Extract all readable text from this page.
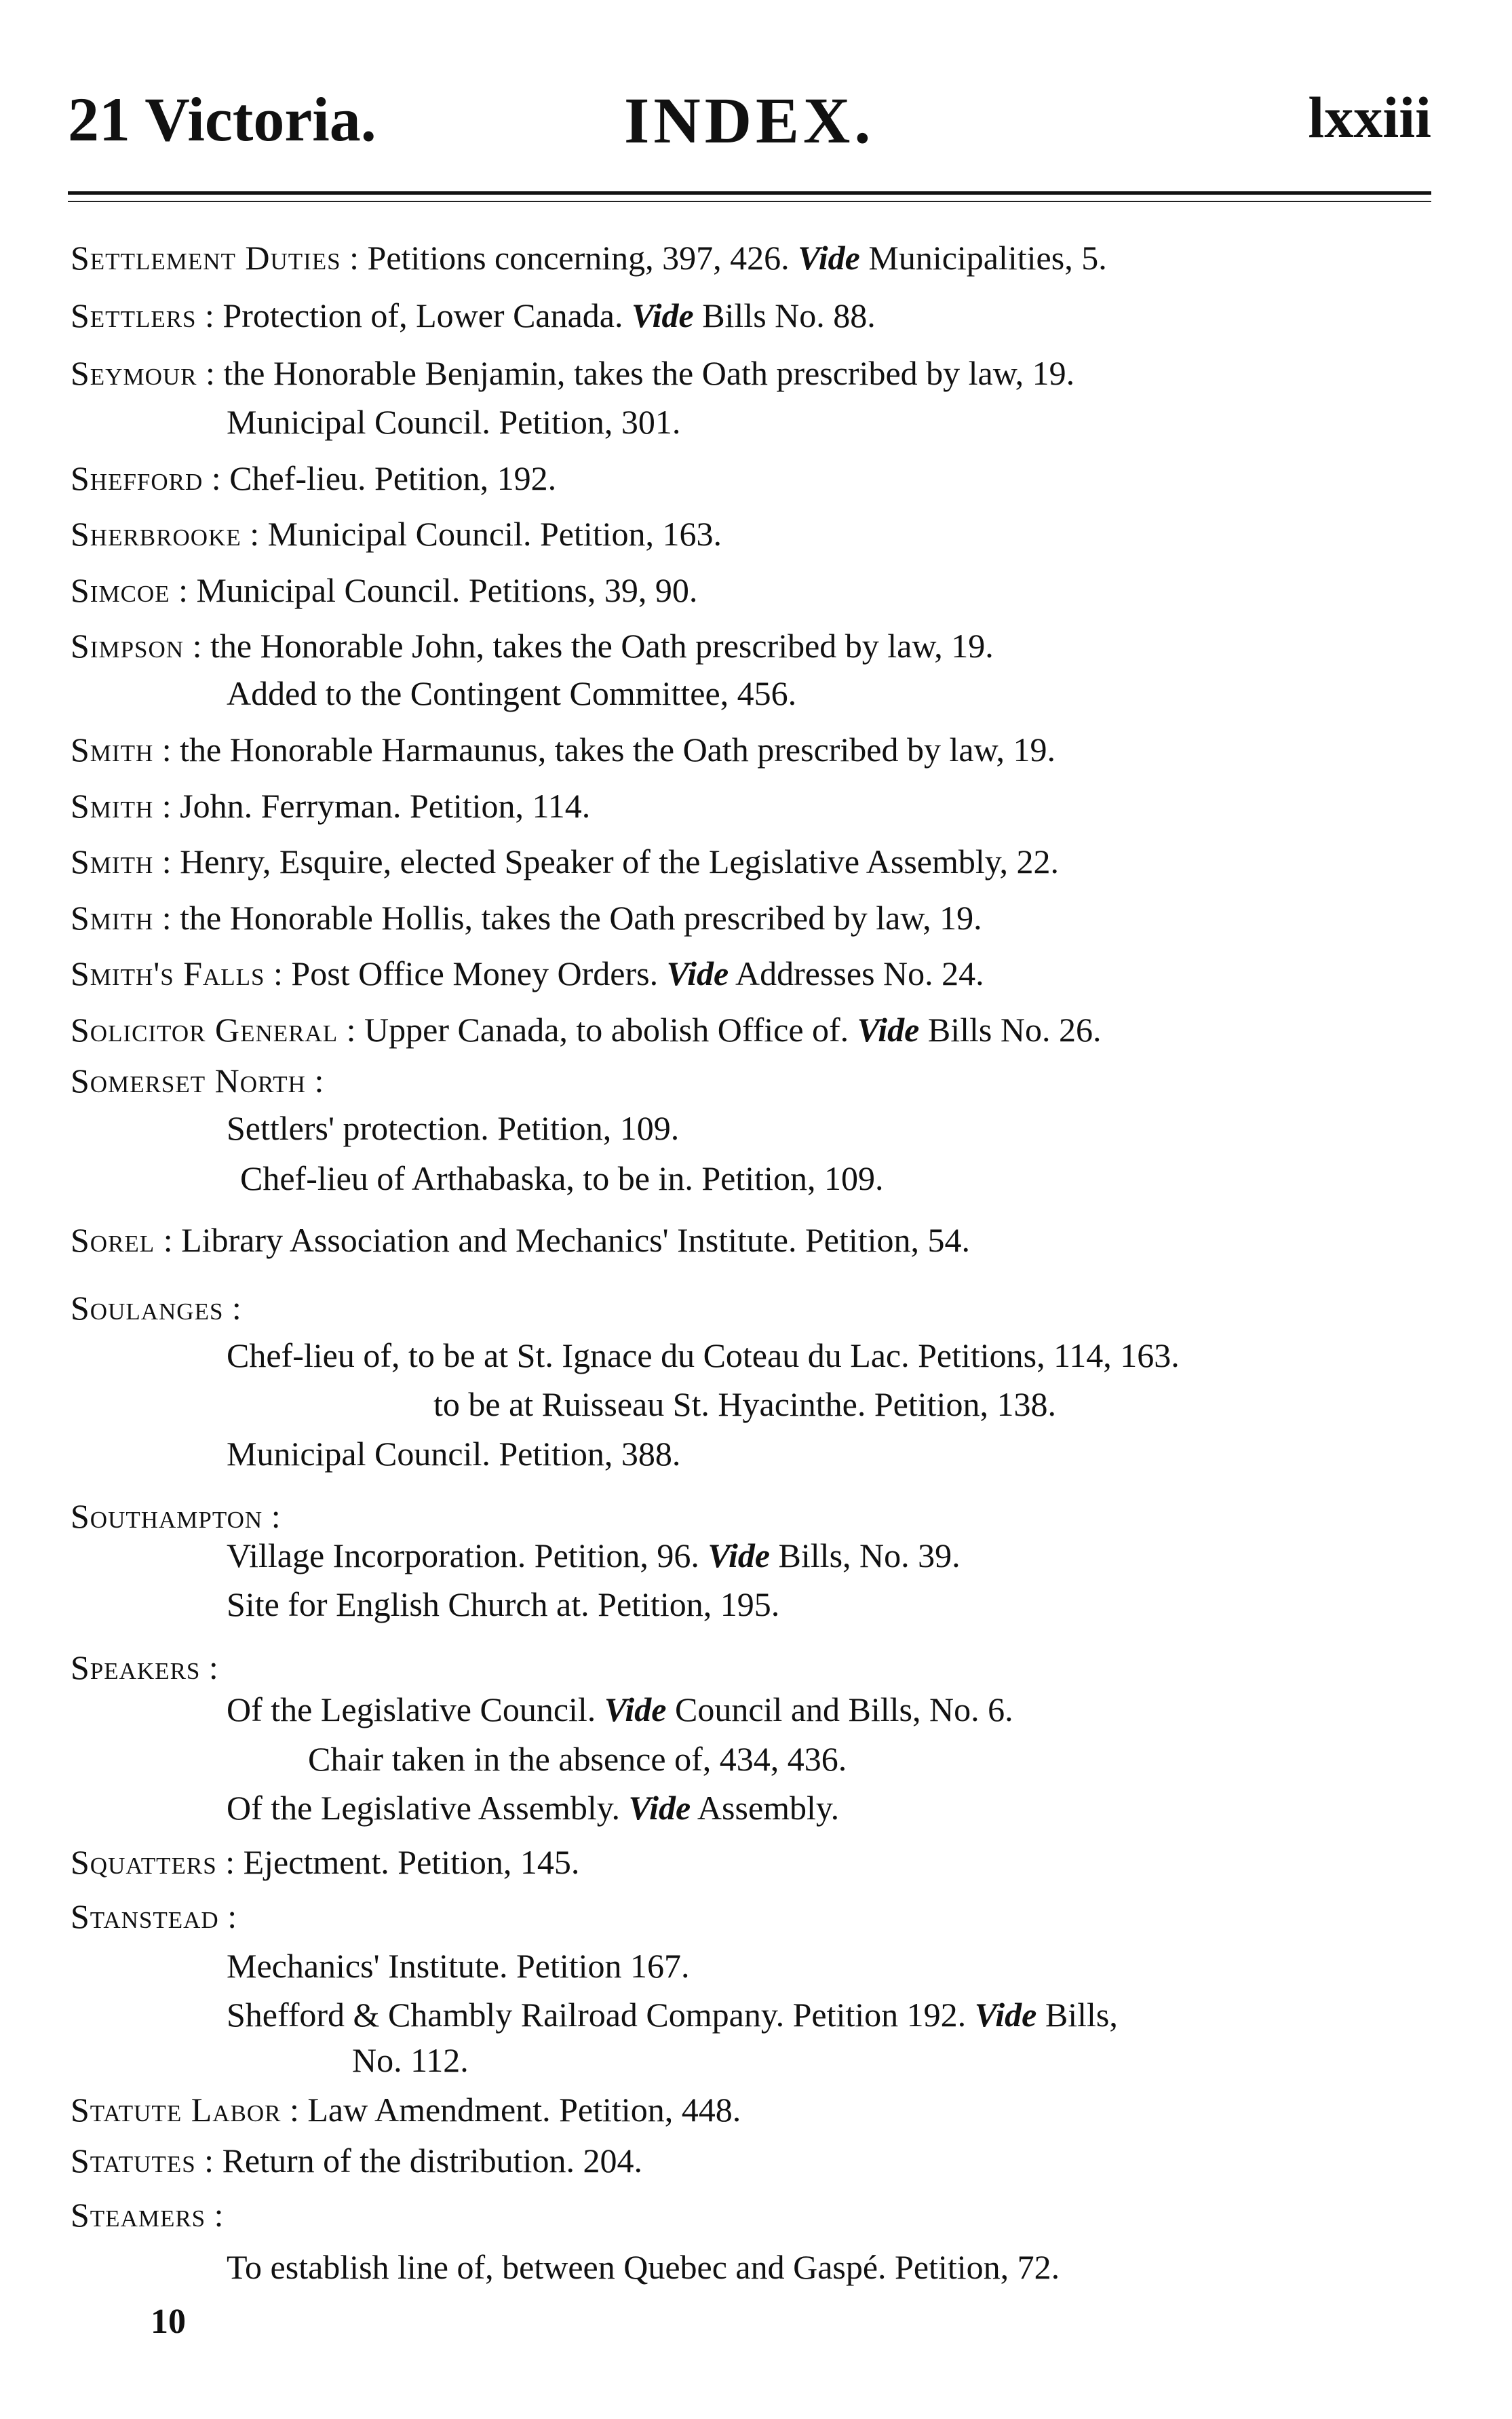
21 Victoria.	INDEX.	lxxiii
Settlement Duties : Petitions concerning, 397, 426. Vide Municipalities, 5.
Settlers : Protection of, Lower Canada. Vide Bills No. 88.
Seymour : the Honorable Benjamin, takes the Oath prescribed by law, 19.
Municipal Council. Petition, 301.
Shefford : Chef-lieu. Petition, 192.
Sherbrooke : Municipal Council. Petition, 163.
Simcoe : Municipal Council. Petitions, 39, 90.
Simpson : the Honorable John, takes the Oath prescribed by law, 19.
Added to the Contingent Committee, 456.
Smith : the Honorable Harmaunus, takes the Oath prescribed by law, 19.
Smith : John. Ferryman. Petition, 114.
Smith : Henry, Esquire, elected Speaker of the Legislative Assembly, 22.
Smith : the Honorable Hollis, takes the Oath prescribed by law, 19.
Smith's Falls : Post Office Money Orders. Vide Addresses No. 24.
Solicitor General : Upper Canada, to abolish Office of. Vide Bills No. 26.
Somerset North :
Settlers' protection. Petition, 109.
Chef-lieu of Arthabaska, to be in. Petition, 109.
Sorel : Library Association and Mechanics' Institute. Petition, 54.
Soulanges :
Chef-lieu of, to be at St. Ignace du Coteau du Lac. Petitions, 114, 163.
to be at Ruisseau St. Hyacinthe. Petition, 138.
Municipal Council. Petition, 388.
Southampton :
Village Incorporation. Petition, 96. Vide Bills, No. 39.
Site for English Church at. Petition, 195.
Speakers :
Of the Legislative Council. Vide Council and Bills, No. 6.
Chair taken in the absence of, 434, 436.
Of the Legislative Assembly. Vide Assembly.
Squatters : Ejectment. Petition, 145.
Stanstead :
Mechanics' Institute. Petition 167.
Shefford & Chambly Railroad Company. Petition 192. Vide Bills,
No. 112.
Statute Labor : Law Amendment. Petition, 448.
Statutes : Return of the distribution. 204.
Steamers :
To establish line of, between Quebec and Gaspé. Petition, 72.
10
